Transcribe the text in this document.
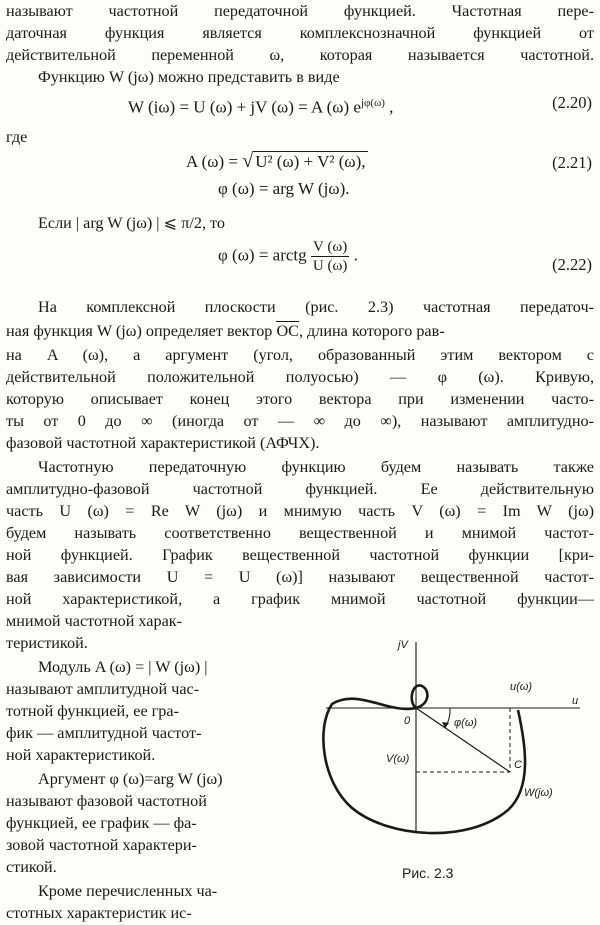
называют частотной передаточной функцией. Частотная пере-
даточная функция является комплекснозначной функцией от
действительной переменной ω, которая называется частотной.
Функцию W (jω) можно представить в виде
W (iω) = U (ω) + jV (ω) = A (ω) $e^{j\varphi(\omega)}$ ,	(2.20)
где
A (ω) = √ U² (ω) + V² (ω),	(2.21)
φ (ω) = arg W (jω).
Если | arg W (jω) | ⩽ π/2, то
φ (ω) = arctg $\frac{V (\omega)}{U (\omega)}$ .
(2.22)
На комплексной плоскости (рис. 2.3) частотная передаточ-
ная функция W (jω) определяет вектор OC, длина которого рав-
на A (ω), а аргумент (угол, образованный этим вектором с
действительной положительной полуосью) — φ (ω). Кривую,
которую описывает конец этого вектора при изменении часто-
ты от 0 до ∞ (иногда от — ∞ до ∞), называют амплитудно-
фазовой частотной характеристикой (АФЧХ).
Частотную передаточную функцию будем называть также
амплитудно-фазовой частотной функцией. Ее действительную
часть U (ω) = Re W (jω) и мнимую часть V (ω) = Im W (jω)
будем называть соответственно вещественной и мнимой частот-
ной функцией. График вещественной частотной функции [кри-
вая зависимости U = U (ω)] называют вещественной частот-
ной характеристикой, а график мнимой частотной функции—
мнимой частотной харак-
теристикой.
Модуль A (ω) = | W (jω) |
называют амплитудной час-
тотной функцией, ее гра-
фик — амплитудной частот-
ной характеристикой.
Аргумент φ (ω)=arg W (jω)
называют фазовой частотной
функцией, ее график — фа-
зовой частотной характери-
стикой.
Кроме перечисленных ча-
стотных характеристик ис-
jV
u
0
u(ω)
φ(ω)
V(ω)	C
W(jω)
Рис. 2.3
